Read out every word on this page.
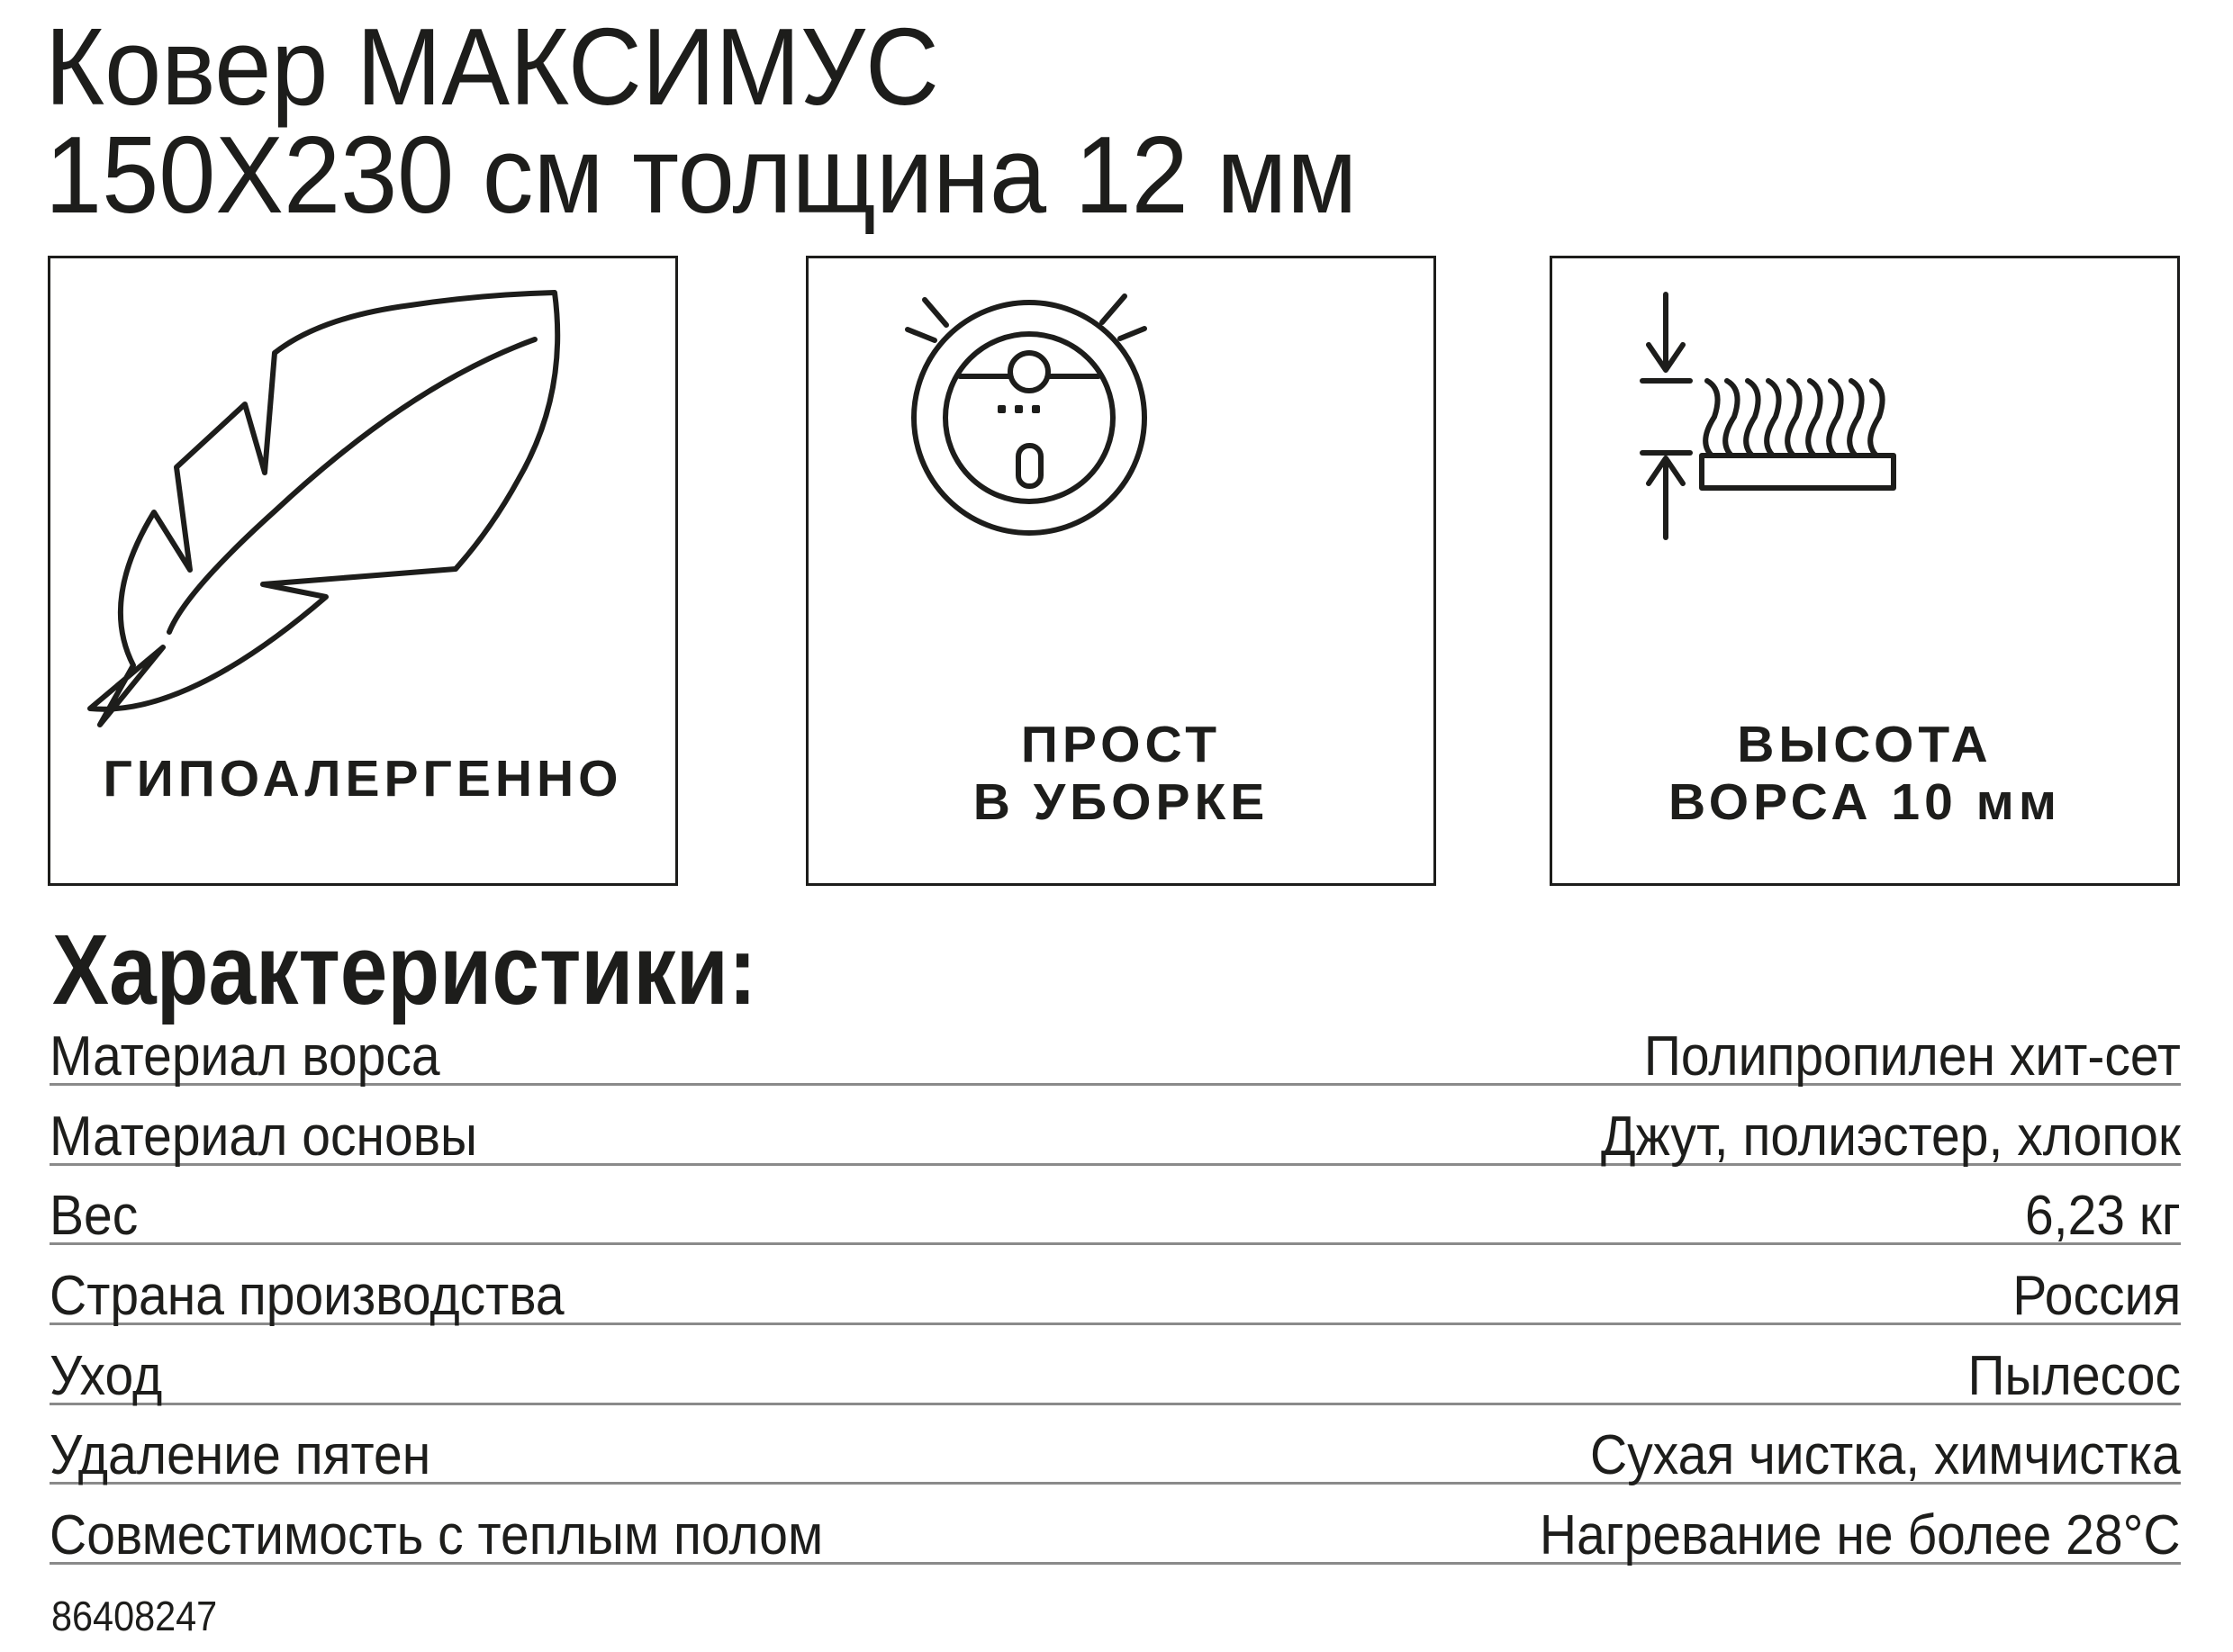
Ковер МАКСИМУС
150X230 см толщина 12 мм
ГИПОАЛЕРГЕННО
ПРОСТ
В УБОРКЕ
ВЫСОТА
ВОРСА 10 мм
Характеристики:
Материал ворса	Полипропилен хит-сет
Материал основы	Джут, полиэстер, хлопок
Вес	6,23 кг
Страна производства	Россия
Уход	Пылесос
Удаление пятен	Сухая чистка, химчистка
Совместимость с теплым полом	Нагревание не более 28°С
86408247
